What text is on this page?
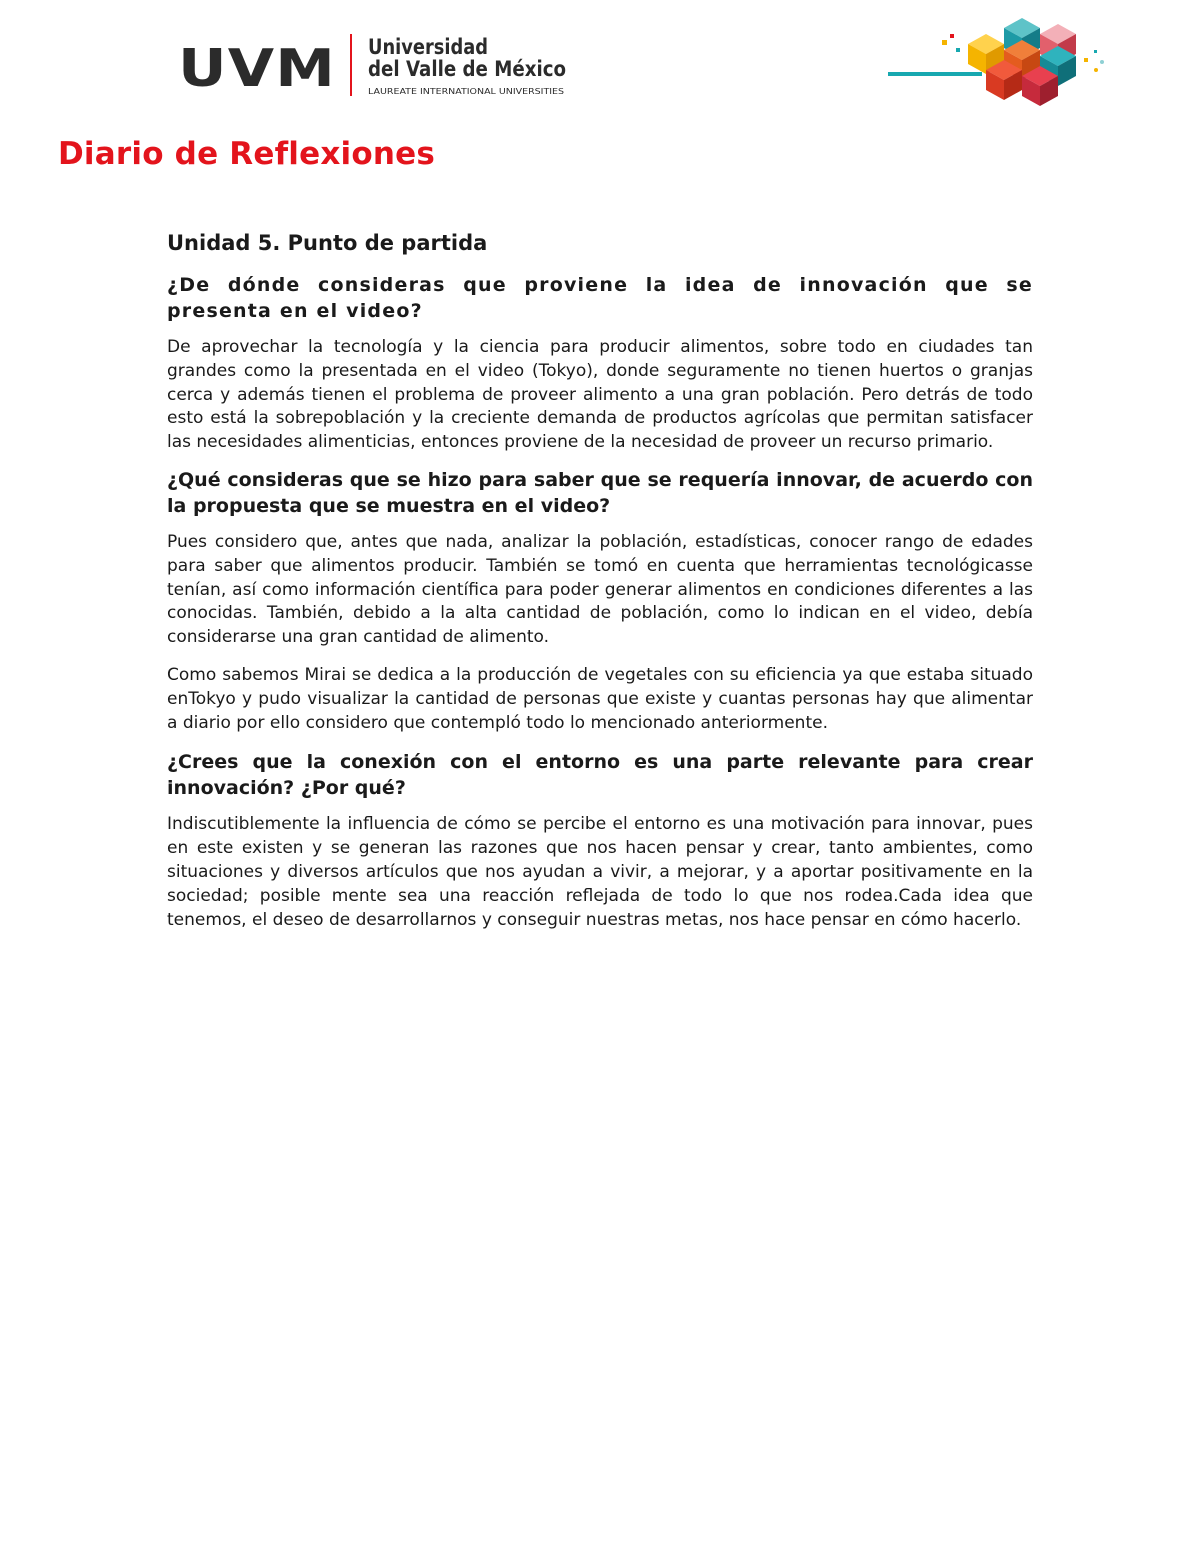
UVM Universidad
del Valle de México
LAUREATE INTERNATIONAL UNIVERSITIES
Diario de Reflexiones
Unidad 5. Punto de partida

¿De dónde consideras que proviene la idea de innovación que se presenta en el video?

De aprovechar la tecnología y la ciencia para producir alimentos, sobre todo en ciudades tan grandes como la presentada en el video (Tokyo), donde seguramente no tienen huertos o granjas cerca y además tienen el problema de proveer alimento a una gran población. Pero detrás de todo esto está la sobrepoblación y la creciente demanda de productos agrícolas que permitan satisfacer las necesidades alimenticias, entonces proviene de la necesidad de proveer un recurso primario.

¿Qué consideras que se hizo para saber que se requería innovar, de acuerdo con la propuesta que se muestra en el video?

Pues considero que, antes que nada, analizar la población, estadísticas, conocer rango de edades para saber que alimentos producir. También se tomó en cuenta que herramientas tecnológicasse tenían, así como información científica para poder generar alimentos en condiciones diferentes a las conocidas. También, debido a la alta cantidad de población, como lo indican en el video, debía considerarse una gran cantidad de alimento.

Como sabemos Mirai se dedica a la producción de vegetales con su eficiencia ya que estaba situado enTokyo y pudo visualizar la cantidad de personas que existe y cuantas personas hay que alimentar a diario por ello considero que contempló todo lo mencionado anteriormente.

¿Crees que la conexión con el entorno es una parte relevante para crear innovación? ¿Por qué?

Indiscutiblemente la influencia de cómo se percibe el entorno es una motivación para innovar, pues en este existen y se generan las razones que nos hacen pensar y crear, tanto ambientes, como situaciones y diversos artículos que nos ayudan a vivir, a mejorar, y a aportar positivamente en la sociedad; posible mente sea una reacción reflejada de todo lo que nos rodea.Cada idea que tenemos, el deseo de desarrollarnos y conseguir nuestras metas, nos hace pensar en cómo hacerlo.
